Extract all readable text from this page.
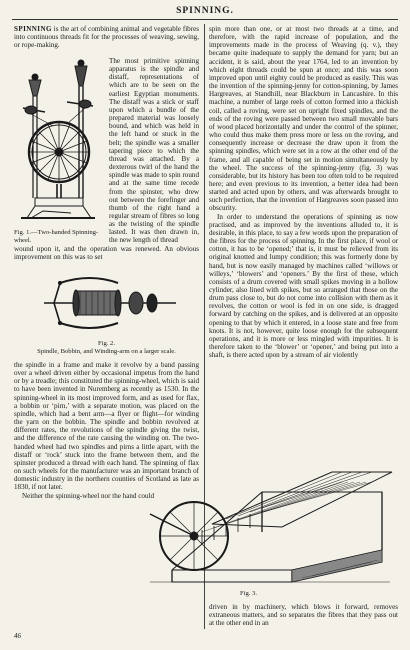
SPINNING.

SPINNING is the art of combining animal and vegetable fibres into continuous threads fit for the processes of weaving, sewing, or rope-making.

The most primitive spinning apparatus is the spindle and distaff, representations of which are to be seen on the earliest Egyptian monuments. The distaff was a stick or staff upon which a bundle of the prepared material was loosely bound, and which was held in the left hand or stuck in the belt; the spindle was a smaller tapering piece to which the thread was attached. By a dexterous twirl of the hand the spindle was made to spin round and at the same time recede from the spinster, who drew out between the forefinger and thumb of the right hand a regular stream of fibres so long as the twisting of the spindle lasted. It was then drawn in, the new length of thread

Fig. 1.—Two-handed Spinning-wheel.

wound upon it, and the operation was renewed. An obvious improvement on this was to set

Fig. 2.
Spindle, Bobbin, and Winding-arm on a larger scale.

the spindle in a frame and make it revolve by a band passing over a wheel driven either by occasional impetus from the hand or by a treadle; this constituted the spinning-wheel, which is said to have been invented in Nuremberg as recently as 1530. In the spinning-wheel in its most improved form, and as used for flax, a bobbin or ‘pirn,’ with a separate motion, was placed on the spindle, which had a bent arm—a flyer or flight—for winding the yarn on the bobbin. The spindle and bobbin revolved at different rates, the revolutions of the spindle giving the twist, and the difference of the rate causing the winding on. The two-handed wheel had two spindles and pirns a little apart, with the distaff or ‘rock’ stuck into the frame between them, and the spinster produced a thread with each hand. The spinning of flax on such wheels for the manufacturer was an important branch of domestic industry in the northern counties of Scotland as late as 1830, if not later.

Neither the spinning-wheel nor the hand could

spin more than one, or at most two threads at a time, and therefore, with the rapid increase of population, and the improvements made in the process of Weaving (q. v.), they became quite inadequate to supply the demand for yarn; but an accident, it is said, about the year 1764, led to an invention by which eight threads could be spun at once; and this was soon improved upon until eighty could be produced as easily. This was the invention of the spinning-jenny for cotton-spinning, by James Hargreaves, at Standhill, near Blackburn in Lancashire. In this machine, a number of large reels of cotton formed into a thickish coil, called a roving, were set on upright fixed spindles, and the ends of the roving were passed between two small movable bars of wood placed horizontally and under the control of the spinner, who could thus make them press more or less on the roving, and consequently increase or decrease the draw upon it from the spinning spindles, which were set in a row at the other end of the frame, and all capable of being set in motion simultaneously by the wheel. The success of the spinning-jenny (fig. 3) was considerable, but its history has been too often told to be required here; and even previous to its invention, a better idea had been started and acted upon by others, and was afterwards brought to such perfection, that the invention of Hargreaves soon passed into obscurity.

In order to understand the operations of spinning as now practised, and as improved by the inventions alluded to, it is desirable, in this place, to say a few words upon the preparation of the fibres for the process of spinning. In the first place, if wool or cotton, it has to be ‘opened;’ that is, it must be relieved from its original knotted and lumpy condition; this was formerly done by hand, but is now easily managed by machines called ‘willows or willeys,’ ‘blowers’ and ‘openers.’ By the first of these, which consists of a drum covered with small spikes moving in a hollow cylinder, also lined with spikes, but so arranged that those on the drum pass close to, but do not come into collision with them as it revolves, the cotton or wool is fed in on one side, is dragged forward by catching on the spikes, and is delivered at an opposite opening to that by which it entered, in a loose state and free from knots. It is not, however, quite loose enough for the subsequent operations, and it is more or less mingled with impurities. It is therefore taken to the ‘blower’ or ‘opener,’ and being put into a shaft, is there acted upon by a stream of air violently

Fig. 3.

driven in by machinery, which blows it forward, removes extraneous matters, and so separates the fibres that they pass out at the other end in an

46
